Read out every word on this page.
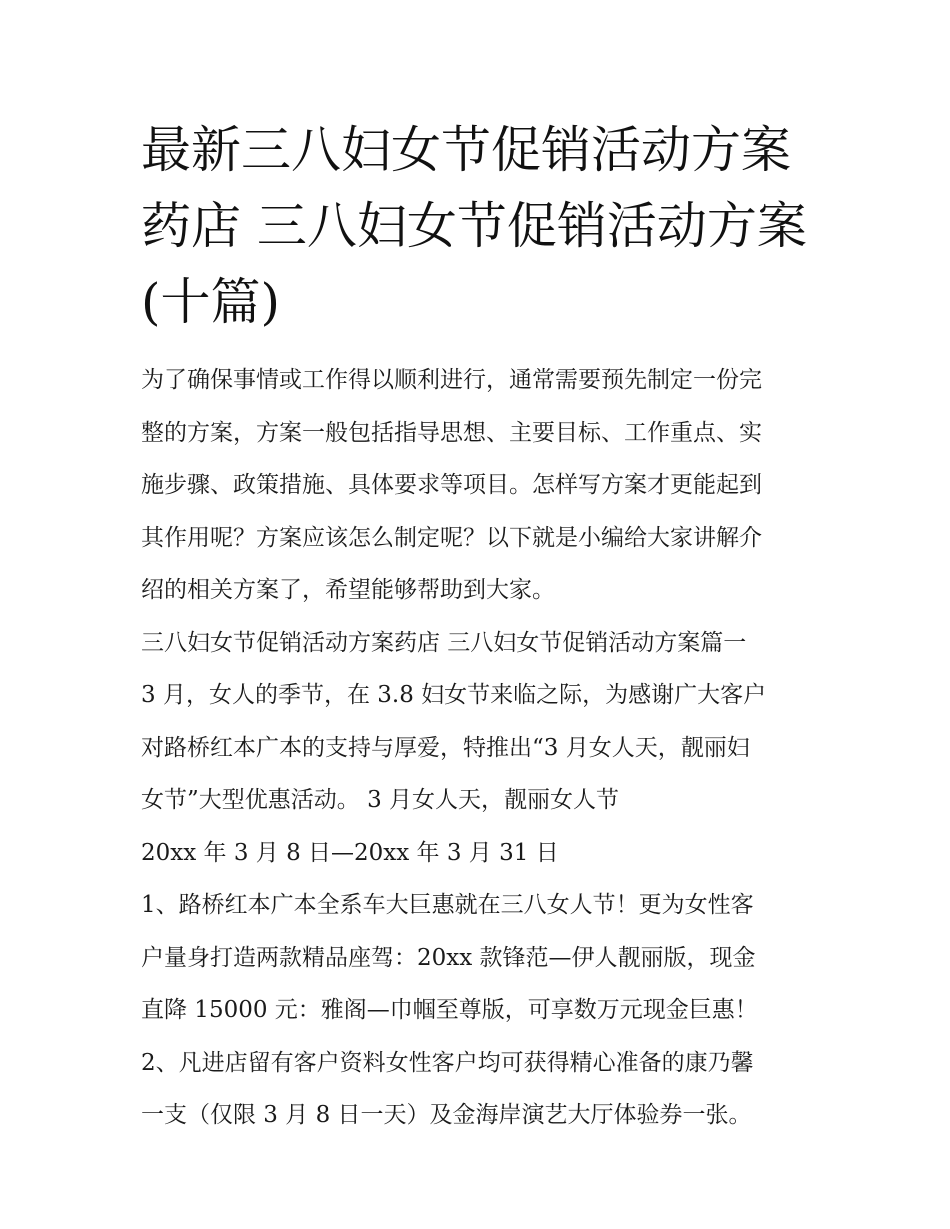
最新三八妇女节促销活动方案
药店 三八妇女节促销活动方案
(十篇)

为了确保事情或工作得以顺利进行，通常需要预先制定一份完
整的方案，方案一般包括指导思想、主要目标、工作重点、实
施步骤、政策措施、具体要求等项目。怎样写方案才更能起到
其作用呢？方案应该怎么制定呢？以下就是小编给大家讲解介
绍的相关方案了，希望能够帮助到大家。

三八妇女节促销活动方案药店 三八妇女节促销活动方案篇一

3 月，女人的季节，在 3.8 妇女节来临之际，为感谢广大客户
对路桥红本广本的支持与厚爱，特推出“3 月女人天，靓丽妇
女节”大型优惠活动。 3 月女人天，靓丽女人节

20xx 年 3 月 8 日—20xx 年 3 月 31 日

1、路桥红本广本全系车大巨惠就在三八女人节！更为女性客
户量身打造两款精品座驾：20xx 款锋范—伊人靓丽版，现金
直降 15000 元：雅阁—巾帼至尊版，可享数万元现金巨惠！

2、凡进店留有客户资料女性客户均可获得精心准备的康乃馨
一支（仅限 3 月 8 日一天）及金海岸演艺大厅体验券一张。
